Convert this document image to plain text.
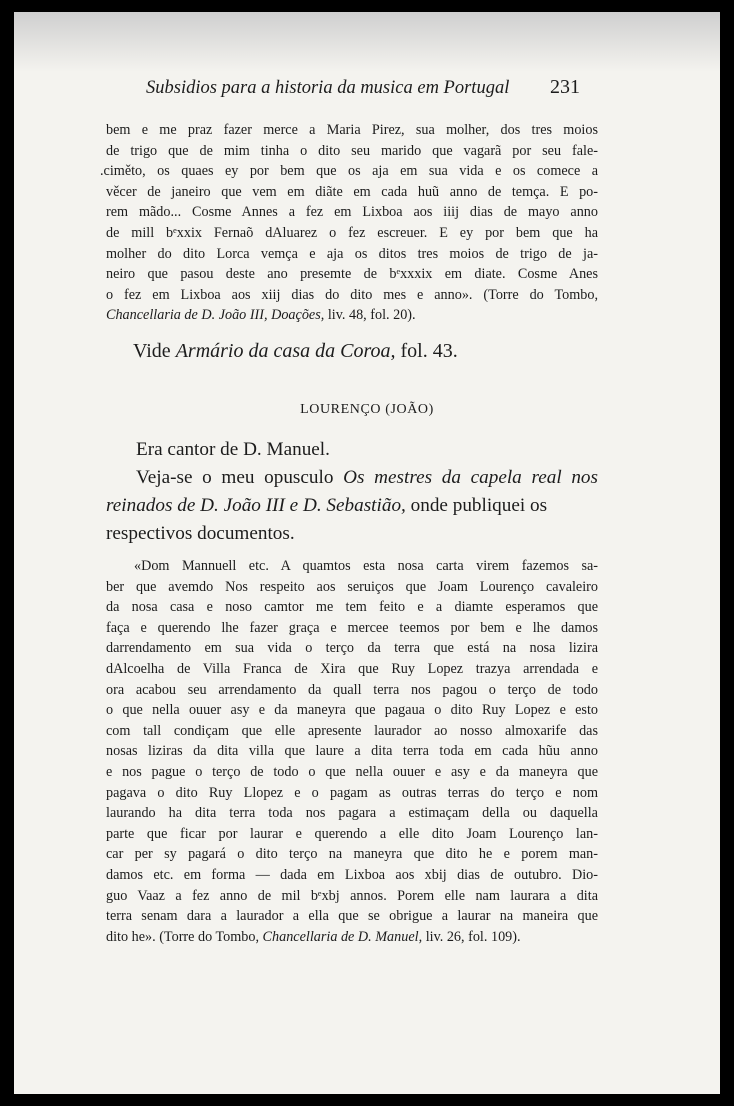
Subsidios para a historia da musica em Portugal	231
bem e me praz fazer merce a Maria Pirez, sua molher, dos tres moios
de trigo que de mim tinha o dito seu marido que vagarã por seu fale-
.ciměto, os quaes ey por bem que os aja em sua vida e os comece a
věcer de janeiro que vem em diãte em cada huũ anno de temça. E po-
rem mãdo... Cosme Annes a fez em Lixboa aos iiij dias de mayo anno
de mill bᵉxxix Fernaõ dAluarez o fez escreuer. E ey por bem que ha
molher do dito Lorca vemça e aja os ditos tres moios de trigo de ja-
neiro que pasou deste ano presemte de bᵉxxxix em diate. Cosme Anes
o fez em Lixboa aos xiij dias do dito mes e anno». (Torre do Tombo,
Chancellaria de D. João III, Doações, liv. 48, fol. 20).
Vide Armário da casa da Coroa, fol. 43.
LOURENÇO (JOÃO)
Era cantor de D. Manuel.
Veja-se o meu opusculo Os mestres da capela real nos
reinados de D. João III e D. Sebastião, onde publiquei os
respectivos documentos.
«Dom Mannuell etc. A quamtos esta nosa carta virem fazemos sa-
ber que avemdo Nos respeito aos seruiços que Joam Lourenço cavaleiro
da nosa casa e noso camtor me tem feito e a diamte esperamos que
faça e querendo lhe fazer graça e mercee teemos por bem e lhe damos
darrendamento em sua vida o terço da terra que está na nosa lizira
dAlcoelha de Villa Franca de Xira que Ruy Lopez trazya arrendada e
ora acabou seu arrendamento da quall terra nos pagou o terço de todo
o que nella ouuer asy e da maneyra que pagaua o dito Ruy Lopez e esto
com tall condiçam que elle apresente laurador ao nosso almoxarife das
nosas liziras da dita villa que laure a dita terra toda em cada hũu anno
e nos pague o terço de todo o que nella ouuer e asy e da maneyra que
pagava o dito Ruy Llopez e o pagam as outras terras do terço e nom
laurando ha dita terra toda nos pagara a estimaçam della ou daquella
parte que ficar por laurar e querendo a elle dito Joam Lourenço lan-
car per sy pagará o dito terço na maneyra que dito he e porem man-
damos etc. em forma — dada em Lixboa aos xbij dias de outubro. Dio-
guo Vaaz a fez anno de mil bᵉxbj annos. Porem elle nam laurara a dita
terra senam dara a laurador a ella que se obrigue a laurar na maneira que
dito he». (Torre do Tombo, Chancellaria de D. Manuel, liv. 26, fol. 109).
